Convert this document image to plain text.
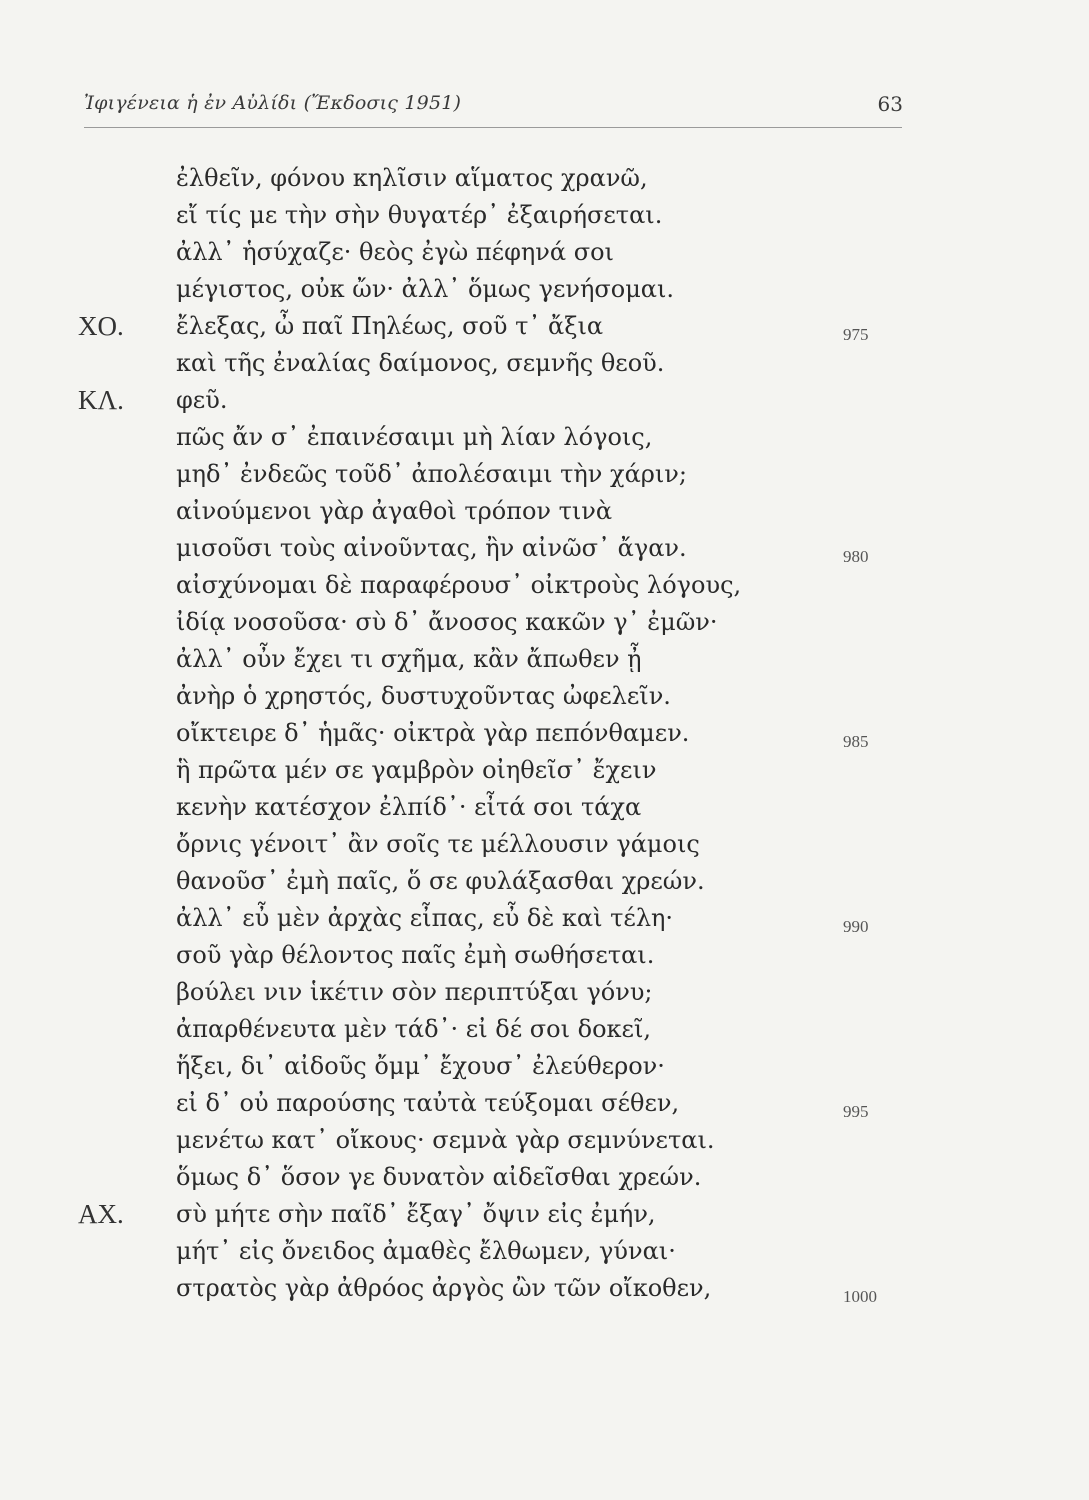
Ἰφιγένεια ἡ ἐν Αὐλίδι (Ἔκδοσις 1951)	63
ἐλθεῖν, φόνου κηλῖσιν αἵματος χρανῶ,
εἴ τίς με τὴν σὴν θυγατέρ᾽ ἐξαιρήσεται.
ἀλλ᾽ ἡσύχαζε· θεὸς ἐγὼ πέφηνά σοι
μέγιστος, οὐκ ὤν· ἀλλ᾽ ὅμως γενήσομαι.
ΧΟ. ἔλεξας, ὦ παῖ Πηλέως, σοῦ τ᾽ ἄξια	975
καὶ τῆς ἐναλίας δαίμονος, σεμνῆς θεοῦ.
ΚΛ. φεῦ.
πῶς ἄν σ᾽ ἐπαινέσαιμι μὴ λίαν λόγοις,
μηδ᾽ ἐνδεῶς τοῦδ᾽ ἀπολέσαιμι τὴν χάριν;
αἰνούμενοι γὰρ ἀγαθοὶ τρόπον τινὰ
μισοῦσι τοὺς αἰνοῦντας, ἢν αἰνῶσ᾽ ἄγαν.	980
αἰσχύνομαι δὲ παραφέρουσ᾽ οἰκτροὺς λόγους,
ἰδίᾳ νοσοῦσα· σὺ δ᾽ ἄνοσος κακῶν γ᾽ ἐμῶν·
ἀλλ᾽ οὖν ἔχει τι σχῆμα, κἂν ἄπωθεν ᾖ
ἀνὴρ ὁ χρηστός, δυστυχοῦντας ὠφελεῖν.
οἴκτειρε δ᾽ ἡμᾶς· οἰκτρὰ γὰρ πεπόνθαμεν.	985
ἣ πρῶτα μέν σε γαμβρὸν οἰηθεῖσ᾽ ἔχειν
κενὴν κατέσχον ἐλπίδ᾽· εἶτά σοι τάχα
ὄρνις γένοιτ᾽ ἂν σοῖς τε μέλλουσιν γάμοις
θανοῦσ᾽ ἐμὴ παῖς, ὅ σε φυλάξασθαι χρεών.
ἀλλ᾽ εὖ μὲν ἀρχὰς εἶπας, εὖ δὲ καὶ τέλη·	990
σοῦ γὰρ θέλοντος παῖς ἐμὴ σωθήσεται.
βούλει νιν ἱκέτιν σὸν περιπτύξαι γόνυ;
ἀπαρθένευτα μὲν τάδ᾽· εἰ δέ σοι δοκεῖ,
ἥξει, δι᾽ αἰδοῦς ὄμμ᾽ ἔχουσ᾽ ἐλεύθερον·
εἰ δ᾽ οὐ παρούσης ταὐτὰ τεύξομαι σέθεν,	995
μενέτω κατ᾽ οἴκους· σεμνὰ γὰρ σεμνύνεται.
ὅμως δ᾽ ὅσον γε δυνατὸν αἰδεῖσθαι χρεών.
ΑΧ. σὺ μήτε σὴν παῖδ᾽ ἔξαγ᾽ ὄψιν εἰς ἐμήν,
μήτ᾽ εἰς ὄνειδος ἀμαθὲς ἔλθωμεν, γύναι·
στρατὸς γὰρ ἀθρόος ἀργὸς ὢν τῶν οἴκοθεν,	1000
